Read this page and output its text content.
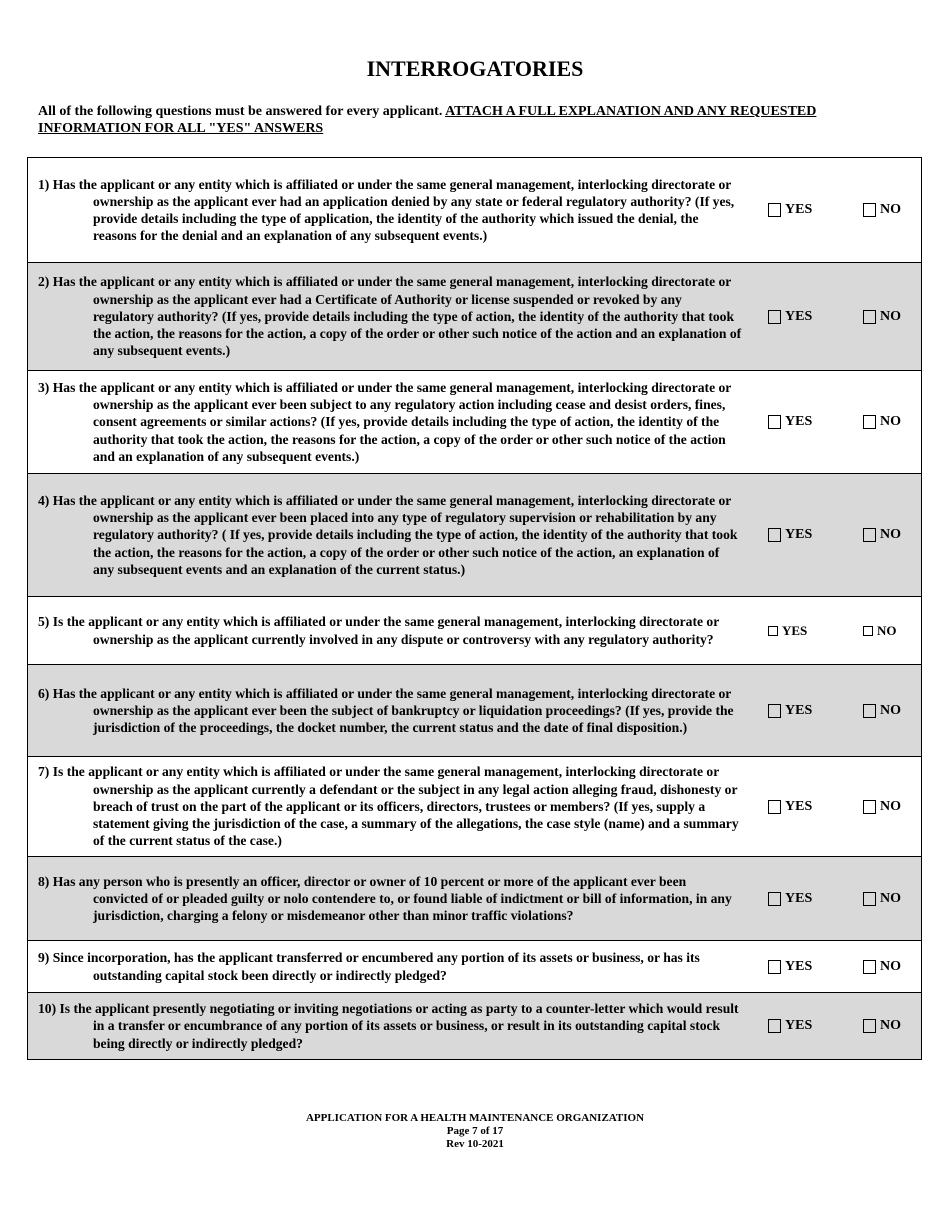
INTERROGATORIES
All of the following questions must be answered for every applicant. ATTACH A FULL EXPLANATION AND ANY REQUESTED INFORMATION FOR ALL "YES" ANSWERS
1) Has the applicant or any entity which is affiliated or under the same general management, interlocking directorate or ownership as the applicant ever had an application denied by any state or federal regulatory authority? (If yes, provide details including the type of application, the identity of the authority which issued the denial, the reasons for the denial and an explanation of any subsequent events.)
YES	NO
2) Has the applicant or any entity which is affiliated or under the same general management, interlocking directorate or ownership as the applicant ever had a Certificate of Authority or license suspended or revoked by any regulatory authority? (If yes, provide details including the type of action, the identity of the authority that took the action, the reasons for the action, a copy of the order or other such notice of the action and an explanation of any subsequent events.)
YES	NO
3) Has the applicant or any entity which is affiliated or under the same general management, interlocking directorate or ownership as the applicant ever been subject to any regulatory action including cease and desist orders, fines, consent agreements or similar actions? (If yes, provide details including the type of action, the identity of the authority that took the action, the reasons for the action, a copy of the order or other such notice of the action and an explanation of any subsequent events.)
YES	NO
4) Has the applicant or any entity which is affiliated or under the same general management, interlocking directorate or ownership as the applicant ever been placed into any type of regulatory supervision or rehabilitation by any regulatory authority? ( If yes, provide details including the type of action, the identity of the authority that took the action, the reasons for the action, a copy of the order or other such notice of the action, an explanation of any subsequent events and an explanation of the current status.)
YES	NO
5) Is the applicant or any entity which is affiliated or under the same general management, interlocking directorate or ownership as the applicant currently involved in any dispute or controversy with any regulatory authority?
YES	NO
6) Has the applicant or any entity which is affiliated or under the same general management, interlocking directorate or ownership as the applicant ever been the subject of bankruptcy or liquidation proceedings? (If yes, provide the jurisdiction of the proceedings, the docket number, the current status and the date of final disposition.)
YES	NO
7) Is the applicant or any entity which is affiliated or under the same general management, interlocking directorate or ownership as the applicant currently a defendant or the subject in any legal action alleging fraud, dishonesty or breach of trust on the part of the applicant or its officers, directors, trustees or members? (If yes, supply a statement giving the jurisdiction of the case, a summary of the allegations, the case style (name) and a summary of the current status of the case.)
YES	NO
8) Has any person who is presently an officer, director or owner of 10 percent or more of the applicant ever been convicted of or pleaded guilty or nolo contendere to, or found liable of indictment or bill of information, in any jurisdiction, charging a felony or misdemeanor other than minor traffic violations?
YES	NO
9) Since incorporation, has the applicant transferred or encumbered any portion of its assets or business, or has its outstanding capital stock been directly or indirectly pledged?
YES	NO
10) Is the applicant presently negotiating or inviting negotiations or acting as party to a counter-letter which would result in a transfer or encumbrance of any portion of its assets or business, or result in its outstanding capital stock being directly or indirectly pledged?
YES	NO
APPLICATION FOR A HEALTH MAINTENANCE ORGANIZATION
Page 7 of 17
Rev 10-2021
